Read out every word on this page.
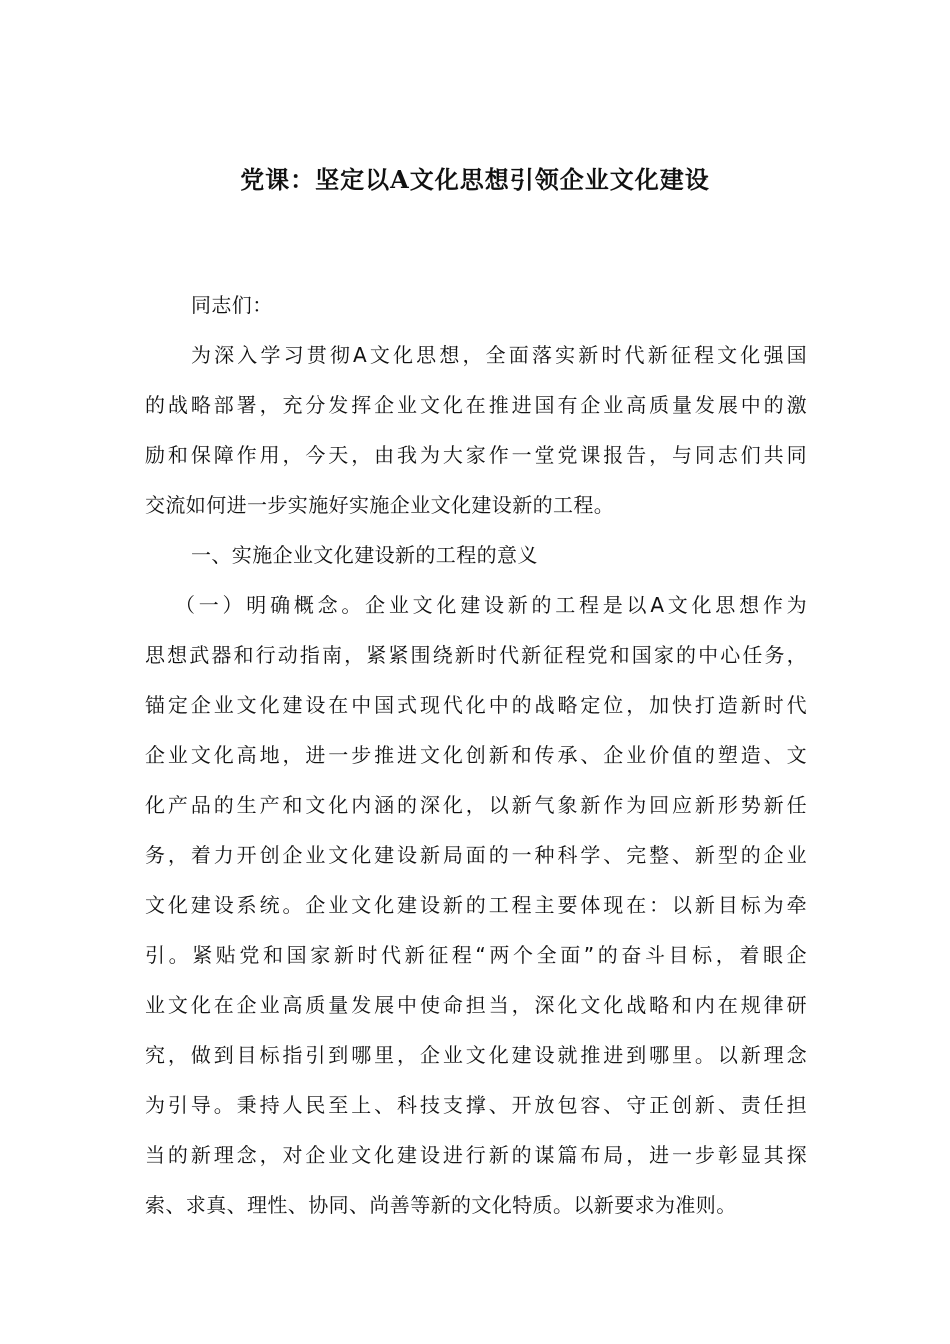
党课：坚定以A文化思想引领企业文化建设
同志们：
为深入学习贯彻A文化思想，全面落实新时代新征程文化强国
的战略部署，充分发挥企业文化在推进国有企业高质量发展中的激
励和保障作用，今天，由我为大家作一堂党课报告，与同志们共同
交流如何进一步实施好实施企业文化建设新的工程。
一、实施企业文化建设新的工程的意义
（一）明确概念。企业文化建设新的工程是以A文化思想作为
思想武器和行动指南，紧紧围绕新时代新征程党和国家的中心任务，
锚定企业文化建设在中国式现代化中的战略定位，加快打造新时代
企业文化高地，进一步推进文化创新和传承、企业价值的塑造、文
化产品的生产和文化内涵的深化，以新气象新作为回应新形势新任
务，着力开创企业文化建设新局面的一种科学、完整、新型的企业
文化建设系统。企业文化建设新的工程主要体现在：以新目标为牵
引。紧贴党和国家新时代新征程“两个全面”的奋斗目标，着眼企
业文化在企业高质量发展中使命担当，深化文化战略和内在规律研
究，做到目标指引到哪里，企业文化建设就推进到哪里。以新理念
为引导。秉持人民至上、科技支撑、开放包容、守正创新、责任担
当的新理念，对企业文化建设进行新的谋篇布局，进一步彰显其探
索、求真、理性、协同、尚善等新的文化特质。以新要求为准则。
